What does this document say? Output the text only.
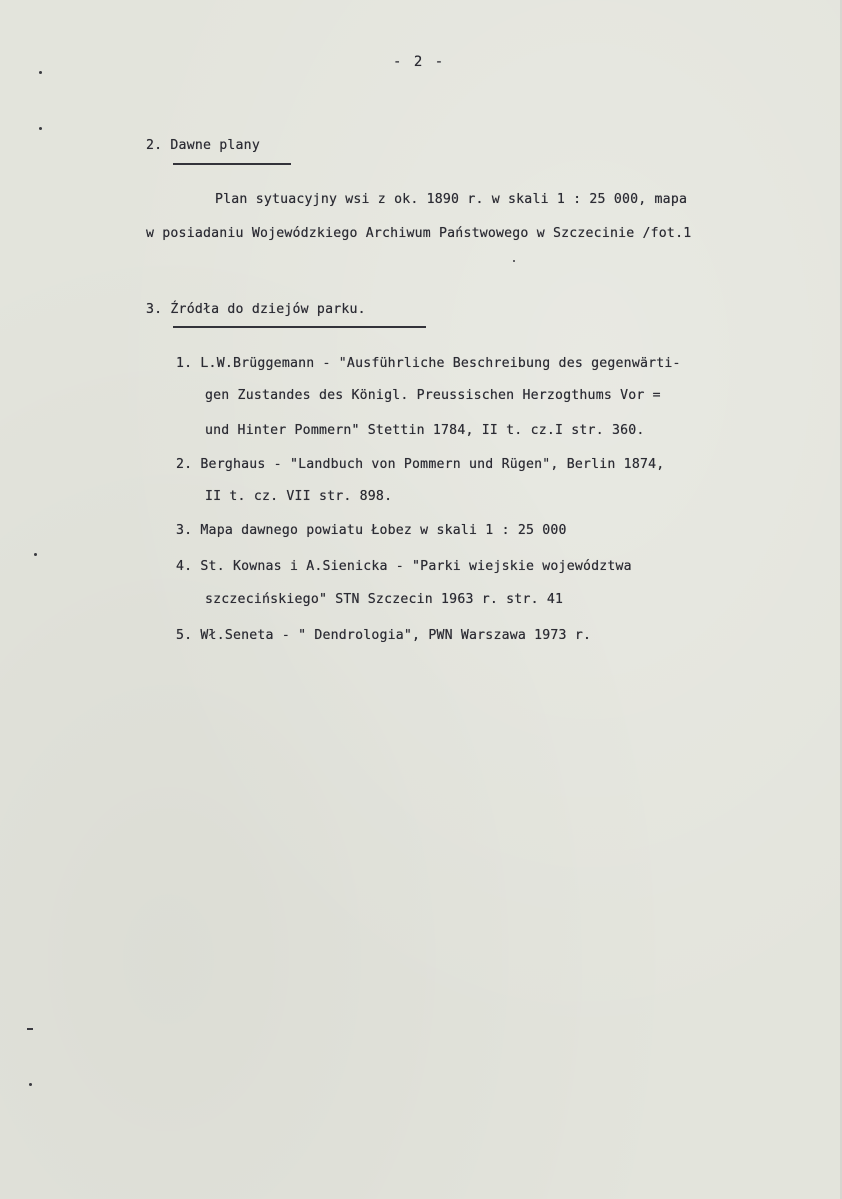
- 2 -
2. Dawne plany
Plan sytuacyjny wsi z ok. 1890 r. w skali 1 : 25 000, mapa
w posiadaniu Wojewódzkiego Archiwum Państwowego w Szczecinie /fot.1
3. Źródła do dziejów parku.
1. L.W.Brüggemann - "Ausführliche Beschreibung des gegenwärti-
gen Zustandes des Königl. Preussischen Herzogthums Vor =
und Hinter Pommern" Stettin 1784, II t. cz.I str. 360.
2. Berghaus - "Landbuch von Pommern und Rügen", Berlin 1874,
II t. cz. VII str. 898.
3. Mapa dawnego powiatu Łobez w skali 1 : 25 000
4. St. Kownas i A.Sienicka - "Parki wiejskie województwa
szczecińskiego" STN Szczecin 1963 r. str. 41
5. Wł.Seneta - " Dendrologia", PWN Warszawa 1973 r.
